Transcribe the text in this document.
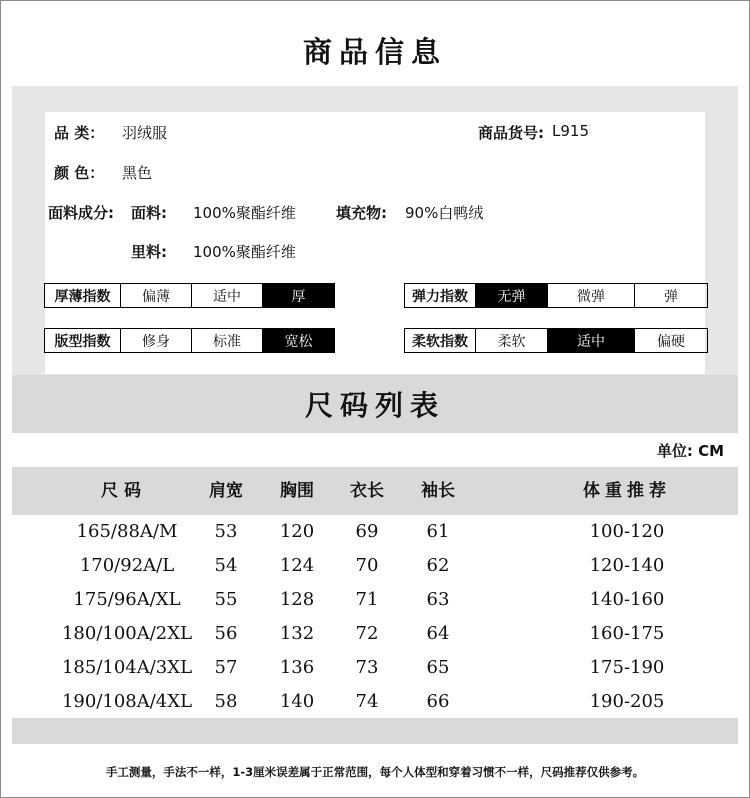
商品信息
品 类： 羽绒服	商品货号: L915
颜 色： 黑色
面料成分: 面料: 100%聚酯纤维	填充物: 90%白鸭绒
里料: 100%聚酯纤维
厚薄指数	偏薄	适中	厚	弹力指数	无弹	微弹	弹
版型指数	修身	标准	宽松	柔软指数	柔软	适中	偏硬
尺码列表
单位: CM
尺 码	肩宽	胸围	衣长	袖长	体重推荐
165/88A/M	53	120	69	61	100-120
170/92A/L	54	124	70	62	120-140
175/96A/XL	55	128	71	63	140-160
180/100A/2XL	56	132	72	64	160-175
185/104A/3XL	57	136	73	65	175-190
190/108A/4XL	58	140	74	66	190-205
手工测量，手法不一样，1-3厘米误差属于正常范围，每个人体型和穿着习惯不一样，尺码推荐仅供参考。
